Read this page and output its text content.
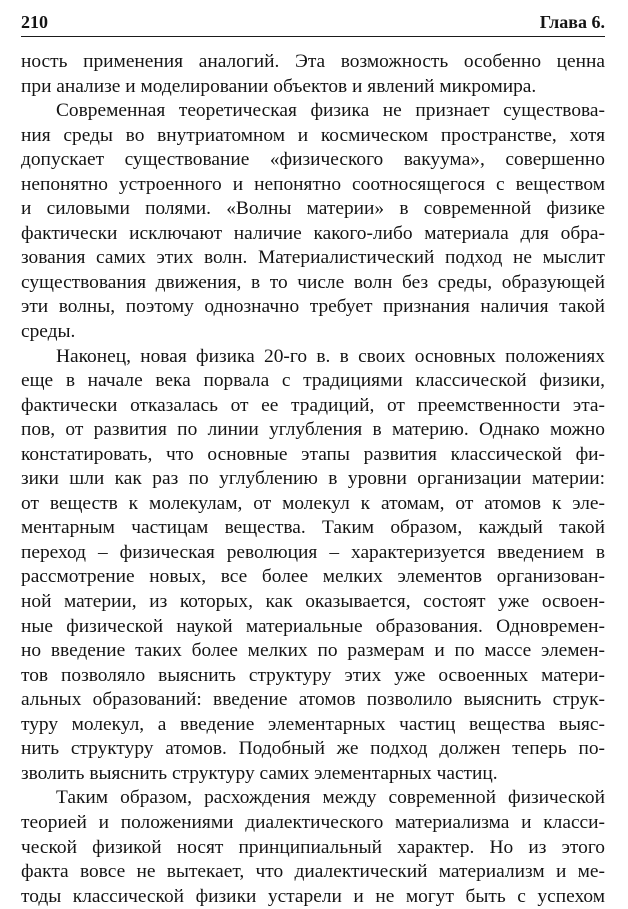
210	Глава 6.
ность применения аналогий. Эта возможность особенно ценна
при анализе и моделировании объектов и явлений микромира.
Современная теоретическая физика не признает существова-
ния среды во внутриатомном и космическом пространстве, хотя
допускает существование «физического вакуума», совершенно
непонятно устроенного и непонятно соотносящегося с веществом
и силовыми полями. «Волны материи» в современной физике
фактически исключают наличие какого-либо материала для обра-
зования самих этих волн. Материалистический подход не мыслит
существования движения, в то числе волн без среды, образующей
эти волны, поэтому однозначно требует признания наличия такой
среды.
Наконец, новая физика 20-го в. в своих основных положениях
еще в начале века порвала с традициями классической физики,
фактически отказалась от ее традиций, от преемственности эта-
пов, от развития по линии углубления в материю. Однако можно
констатировать, что основные этапы развития классической фи-
зики шли как раз по углублению в уровни организации материи:
от веществ к молекулам, от молекул к атомам, от атомов к эле-
ментарным частицам вещества. Таким образом, каждый такой
переход – физическая революция – характеризуется введением в
рассмотрение новых, все более мелких элементов организован-
ной материи, из которых, как оказывается, состоят уже освоен-
ные физической наукой материальные образования. Одновремен-
но введение таких более мелких по размерам и по массе элемен-
тов позволяло выяснить структуру этих уже освоенных матери-
альных образований: введение атомов позволило выяснить струк-
туру молекул, а введение элементарных частиц вещества выяс-
нить структуру атомов. Подобный же подход должен теперь по-
зволить выяснить структуру самих элементарных частиц.
Таким образом, расхождения между современной физической
теорией и положениями диалектического материализма и класси-
ческой физикой носят принципиальный характер. Но из этого
факта вовсе не вытекает, что диалектический материализм и ме-
тоды классической физики устарели и не могут быть с успехом
